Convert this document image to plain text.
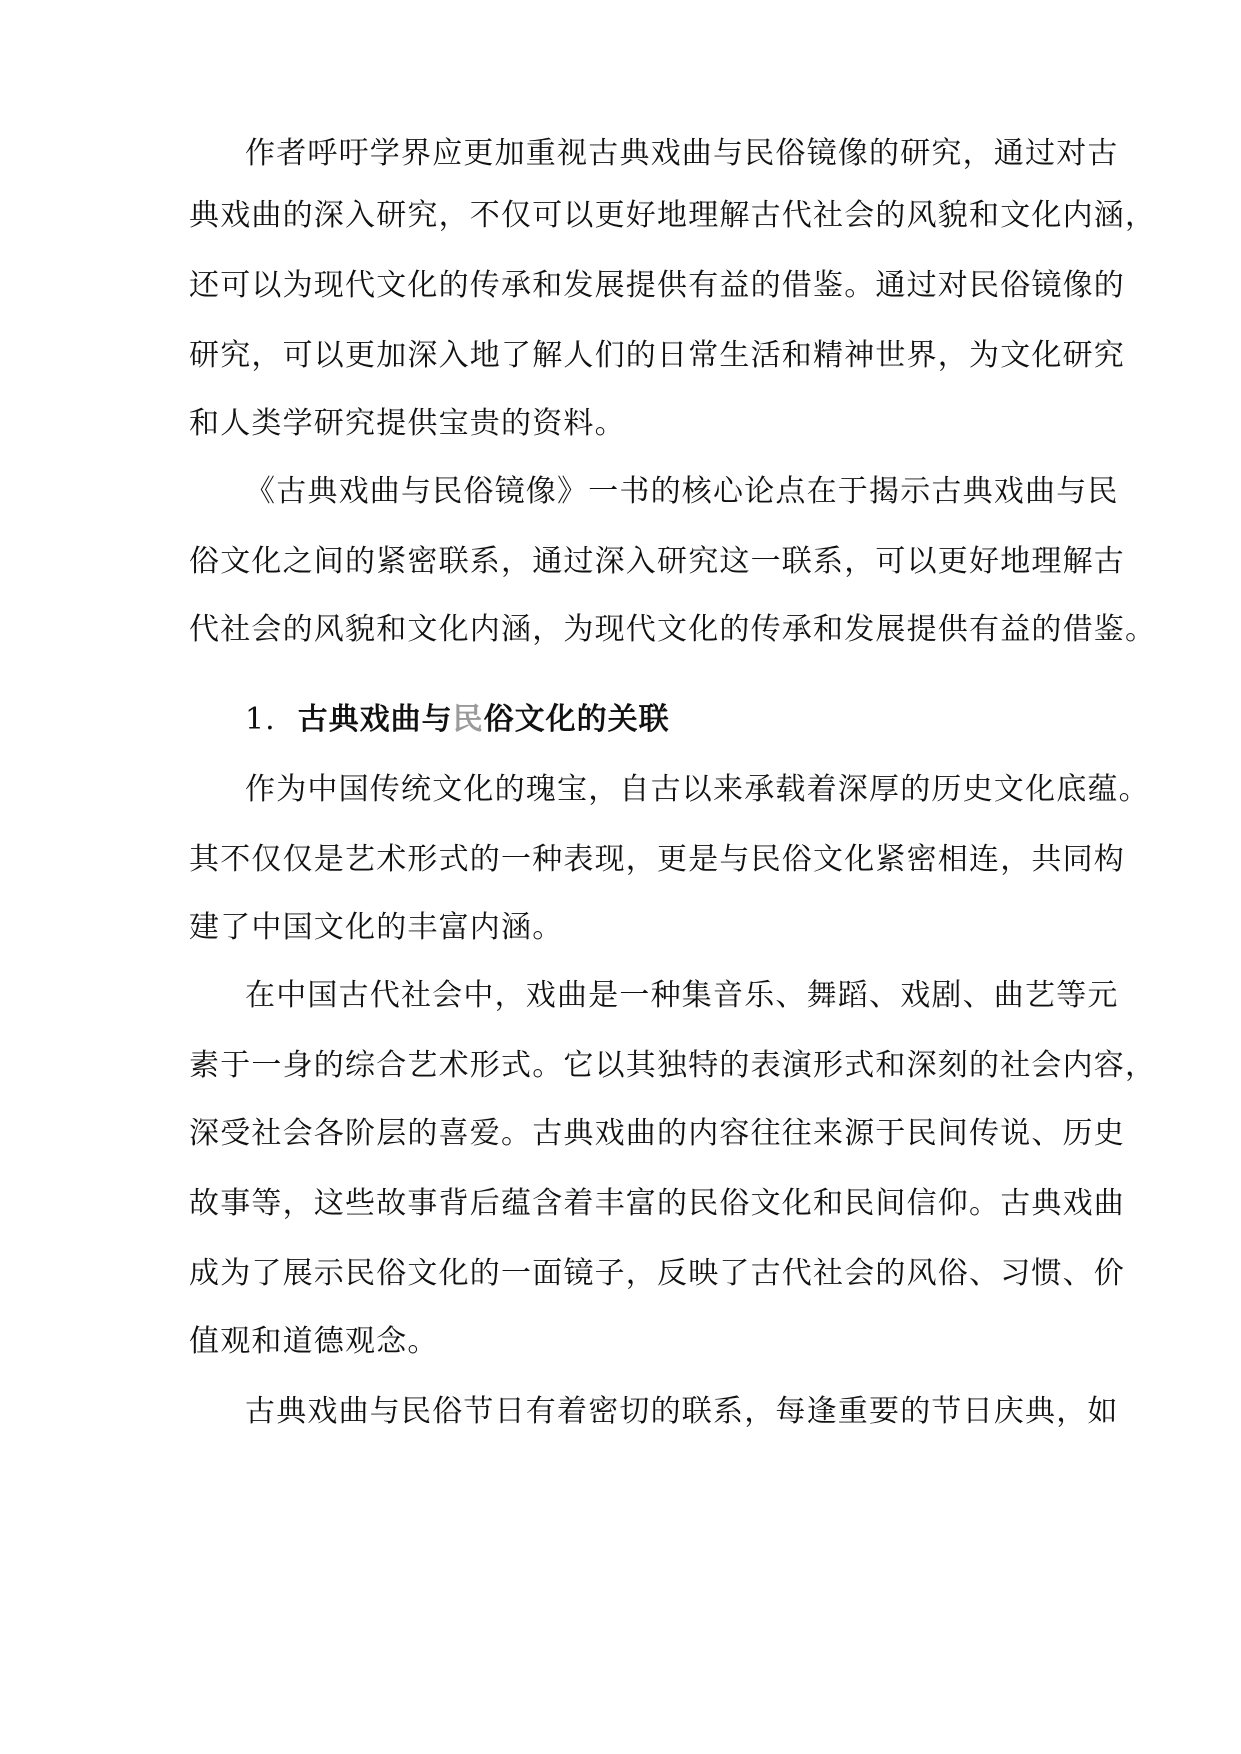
作者呼吁学界应更加重视古典戏曲与民俗镜像的研究，通过对古
典戏曲的深入研究，不仅可以更好地理解古代社会的风貌和文化内涵，
还可以为现代文化的传承和发展提供有益的借鉴。通过对民俗镜像的
研究，可以更加深入地了解人们的日常生活和精神世界，为文化研究
和人类学研究提供宝贵的资料。
《古典戏曲与民俗镜像》一书的核心论点在于揭示古典戏曲与民
俗文化之间的紧密联系，通过深入研究这一联系，可以更好地理解古
代社会的风貌和文化内涵，为现代文化的传承和发展提供有益的借鉴。
1. 古典戏曲与民俗文化的关联
作为中国传统文化的瑰宝，自古以来承载着深厚的历史文化底蕴。
其不仅仅是艺术形式的一种表现，更是与民俗文化紧密相连，共同构
建了中国文化的丰富内涵。
在中国古代社会中，戏曲是一种集音乐、舞蹈、戏剧、曲艺等元
素于一身的综合艺术形式。它以其独特的表演形式和深刻的社会内容，
深受社会各阶层的喜爱。古典戏曲的内容往往来源于民间传说、历史
故事等，这些故事背后蕴含着丰富的民俗文化和民间信仰。古典戏曲
成为了展示民俗文化的一面镜子，反映了古代社会的风俗、习惯、价
值观和道德观念。
古典戏曲与民俗节日有着密切的联系，每逢重要的节日庆典，如
